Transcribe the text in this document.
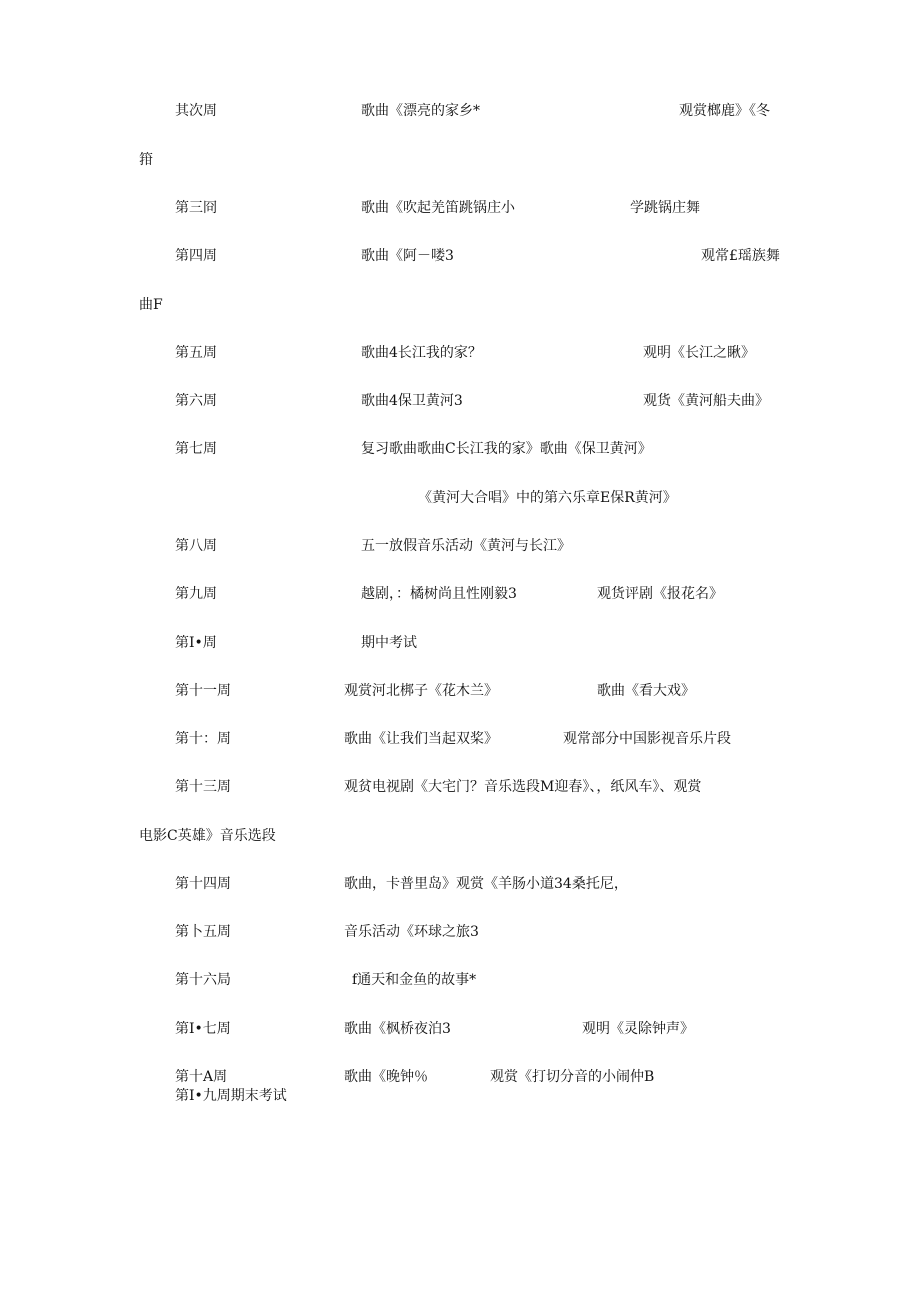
其次周	歌曲《漂亮的家乡*	观赏榔鹿》《冬
箝
第三冏	歌曲《吹起羌笛跳锅庄小	学跳锅庄舞
第四周	歌曲《阿－喽3	观常£瑶族舞
曲F
第五周	歌曲4长江我的家？	观明《长江之瞅》
第六周	歌曲4保卫黄河3	观货《黄河船夫曲》
第七周	复习歌曲歌曲C长江我的家》歌曲《保卫黄河》
《黄河大合唱》中的第六乐章E保R黄河》
第八周	五一放假音乐活动《黄河与长江》
第九周	越剧，：橘树尚且性刚毅3	观货评剧《报花名》
第I•周	期中考试
第十一周	观赏河北梆子《花木兰》	歌曲《看大戏》
第十：周	歌曲《让我们当起双桨》	观常部分中国影视音乐片段
第十三周	观贫电视剧《大宅门？音乐选段M迎春》、，纸风车》、观赏
电影C英雄》音乐选段
第十四周	歌曲，卡普里岛》观赏《羊肠小道34桑托尼，
第卜五周	音乐活动《环球之旅3
第十六局	f通天和金鱼的故事*
第I•七周	歌曲《枫桥夜泊3	观明《灵除钟声》
第十A周	歌曲《晚钟％	观赏《打切分音的小闹仲B
第I•九周期末考试
